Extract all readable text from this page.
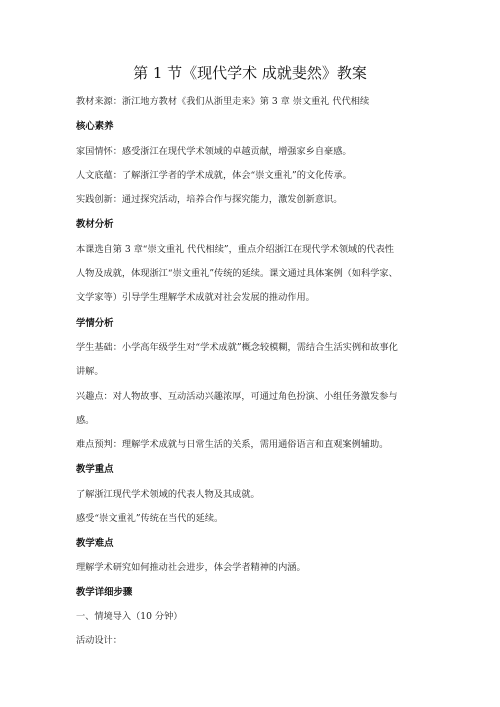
第 1 节《现代学术 成就斐然》教案
教材来源：浙江地方教材《我们从浙里走来》第 3 章 崇文重礼 代代相续
核心素养
家国情怀：感受浙江在现代学术领域的卓越贡献，增强家乡自豪感。
人文底蕴：了解浙江学者的学术成就，体会“崇文重礼”的文化传承。
实践创新：通过探究活动，培养合作与探究能力，激发创新意识。
教材分析
本课选自第 3 章“崇文重礼 代代相续”，重点介绍浙江在现代学术领域的代表性
人物及成就，体现浙江“崇文重礼”传统的延续。课文通过具体案例（如科学家、
文学家等）引导学生理解学术成就对社会发展的推动作用。
学情分析
学生基础：小学高年级学生对“学术成就”概念较模糊，需结合生活实例和故事化
讲解。
兴趣点：对人物故事、互动活动兴趣浓厚，可通过角色扮演、小组任务激发参与
感。
难点预判：理解学术成就与日常生活的关系，需用通俗语言和直观案例辅助。
教学重点
了解浙江现代学术领域的代表人物及其成就。
感受“崇文重礼”传统在当代的延续。
教学难点
理解学术研究如何推动社会进步，体会学者精神的内涵。
教学详细步骤
一、情境导入（10 分钟）
活动设计：
